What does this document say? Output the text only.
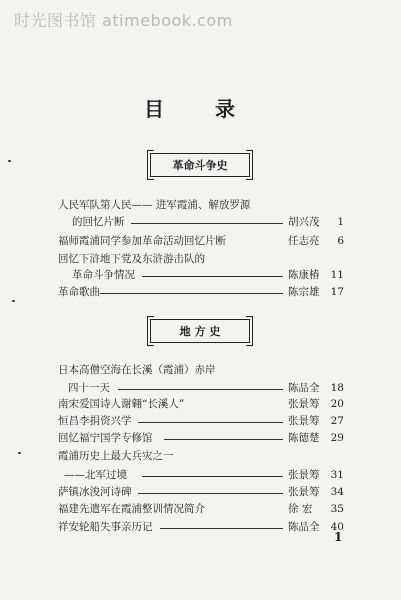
时光图书馆 atimebook.com
目 录
革命斗争史
地 方 史
人民军队第人民—— 进军霞浦、解放罗源
的回忆片断	胡兴茂	1
福师霞浦同学参加革命活动回忆片断	任志亮	6
回忆下浒地下党及东浒游击队的
革命斗争情况	陈康椿	11
革命歌曲	陈宗雄	17
日本高僧空海在长溪（霞浦）赤岸
四十一天	陈品全	18
南宋爱国诗人谢翱“长溪人”	张景筹	20
恒昌李捐资兴学	张景筹	27
回忆福宁国学专修馆	陈德楚	29
霞浦历史上最大兵灾之一
——北军过境	张景筹	31
萨镇冰浚河诗碑	张景筹	34
福建先遣军在霞浦整训情况简介	徐 宏	35
祥安轮船失事亲历记	陈品全	40
1
